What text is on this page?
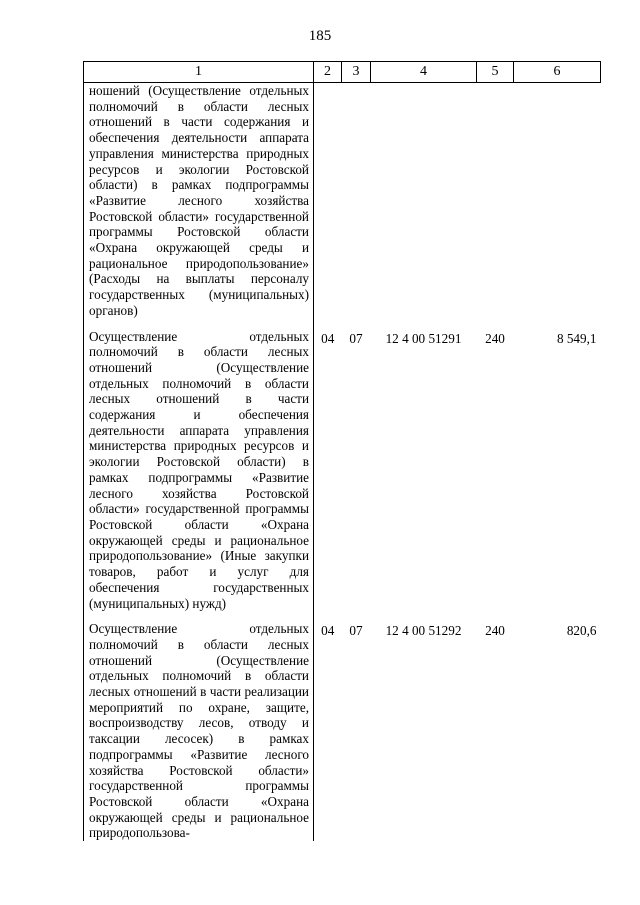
185
1	2	3	4	5	6
ношений (Осуществление отдельных полномочий в области лесных отношений в части содержания и обеспечения деятельности аппарата управления министерства природных ресурсов и экологии Ростовской области) в рамках подпрограммы «Развитие лесного хозяйства Ростовской области» государственной программы Ростовской области «Охрана окружающей среды и рациональное природопользование» (Расходы на выплаты персоналу государственных (муниципальных) органов)					

Осуществление отдельных полномочий в области лесных отношений (Осуществление отдельных полномочий в области лесных отношений в части содержания и обеспечения деятельности аппарата управления министерства природных ресурсов и экологии Ростовской области) в рамках подпрограммы «Развитие лесного хозяйства Ростовской области» государственной программы Ростовской области «Охрана окружающей среды и рациональное природопользование» (Иные закупки товаров, работ и услуг для обеспечения государственных (муниципальных) нужд)	04	07	12 4 00 51291	240	8 549,1

Осуществление отдельных полномочий в области лесных отношений (Осуществление отдельных полномочий в области лесных отношений в части реализации мероприятий по охране, защите, воспроизводству лесов, отводу и таксации лесосек) в рамках подпрограммы «Развитие лесного хозяйства Ростовской области» государственной программы Ростовской области «Охрана окружающей среды и рациональное природопользова-	04	07	12 4 00 51292	240	820,6
